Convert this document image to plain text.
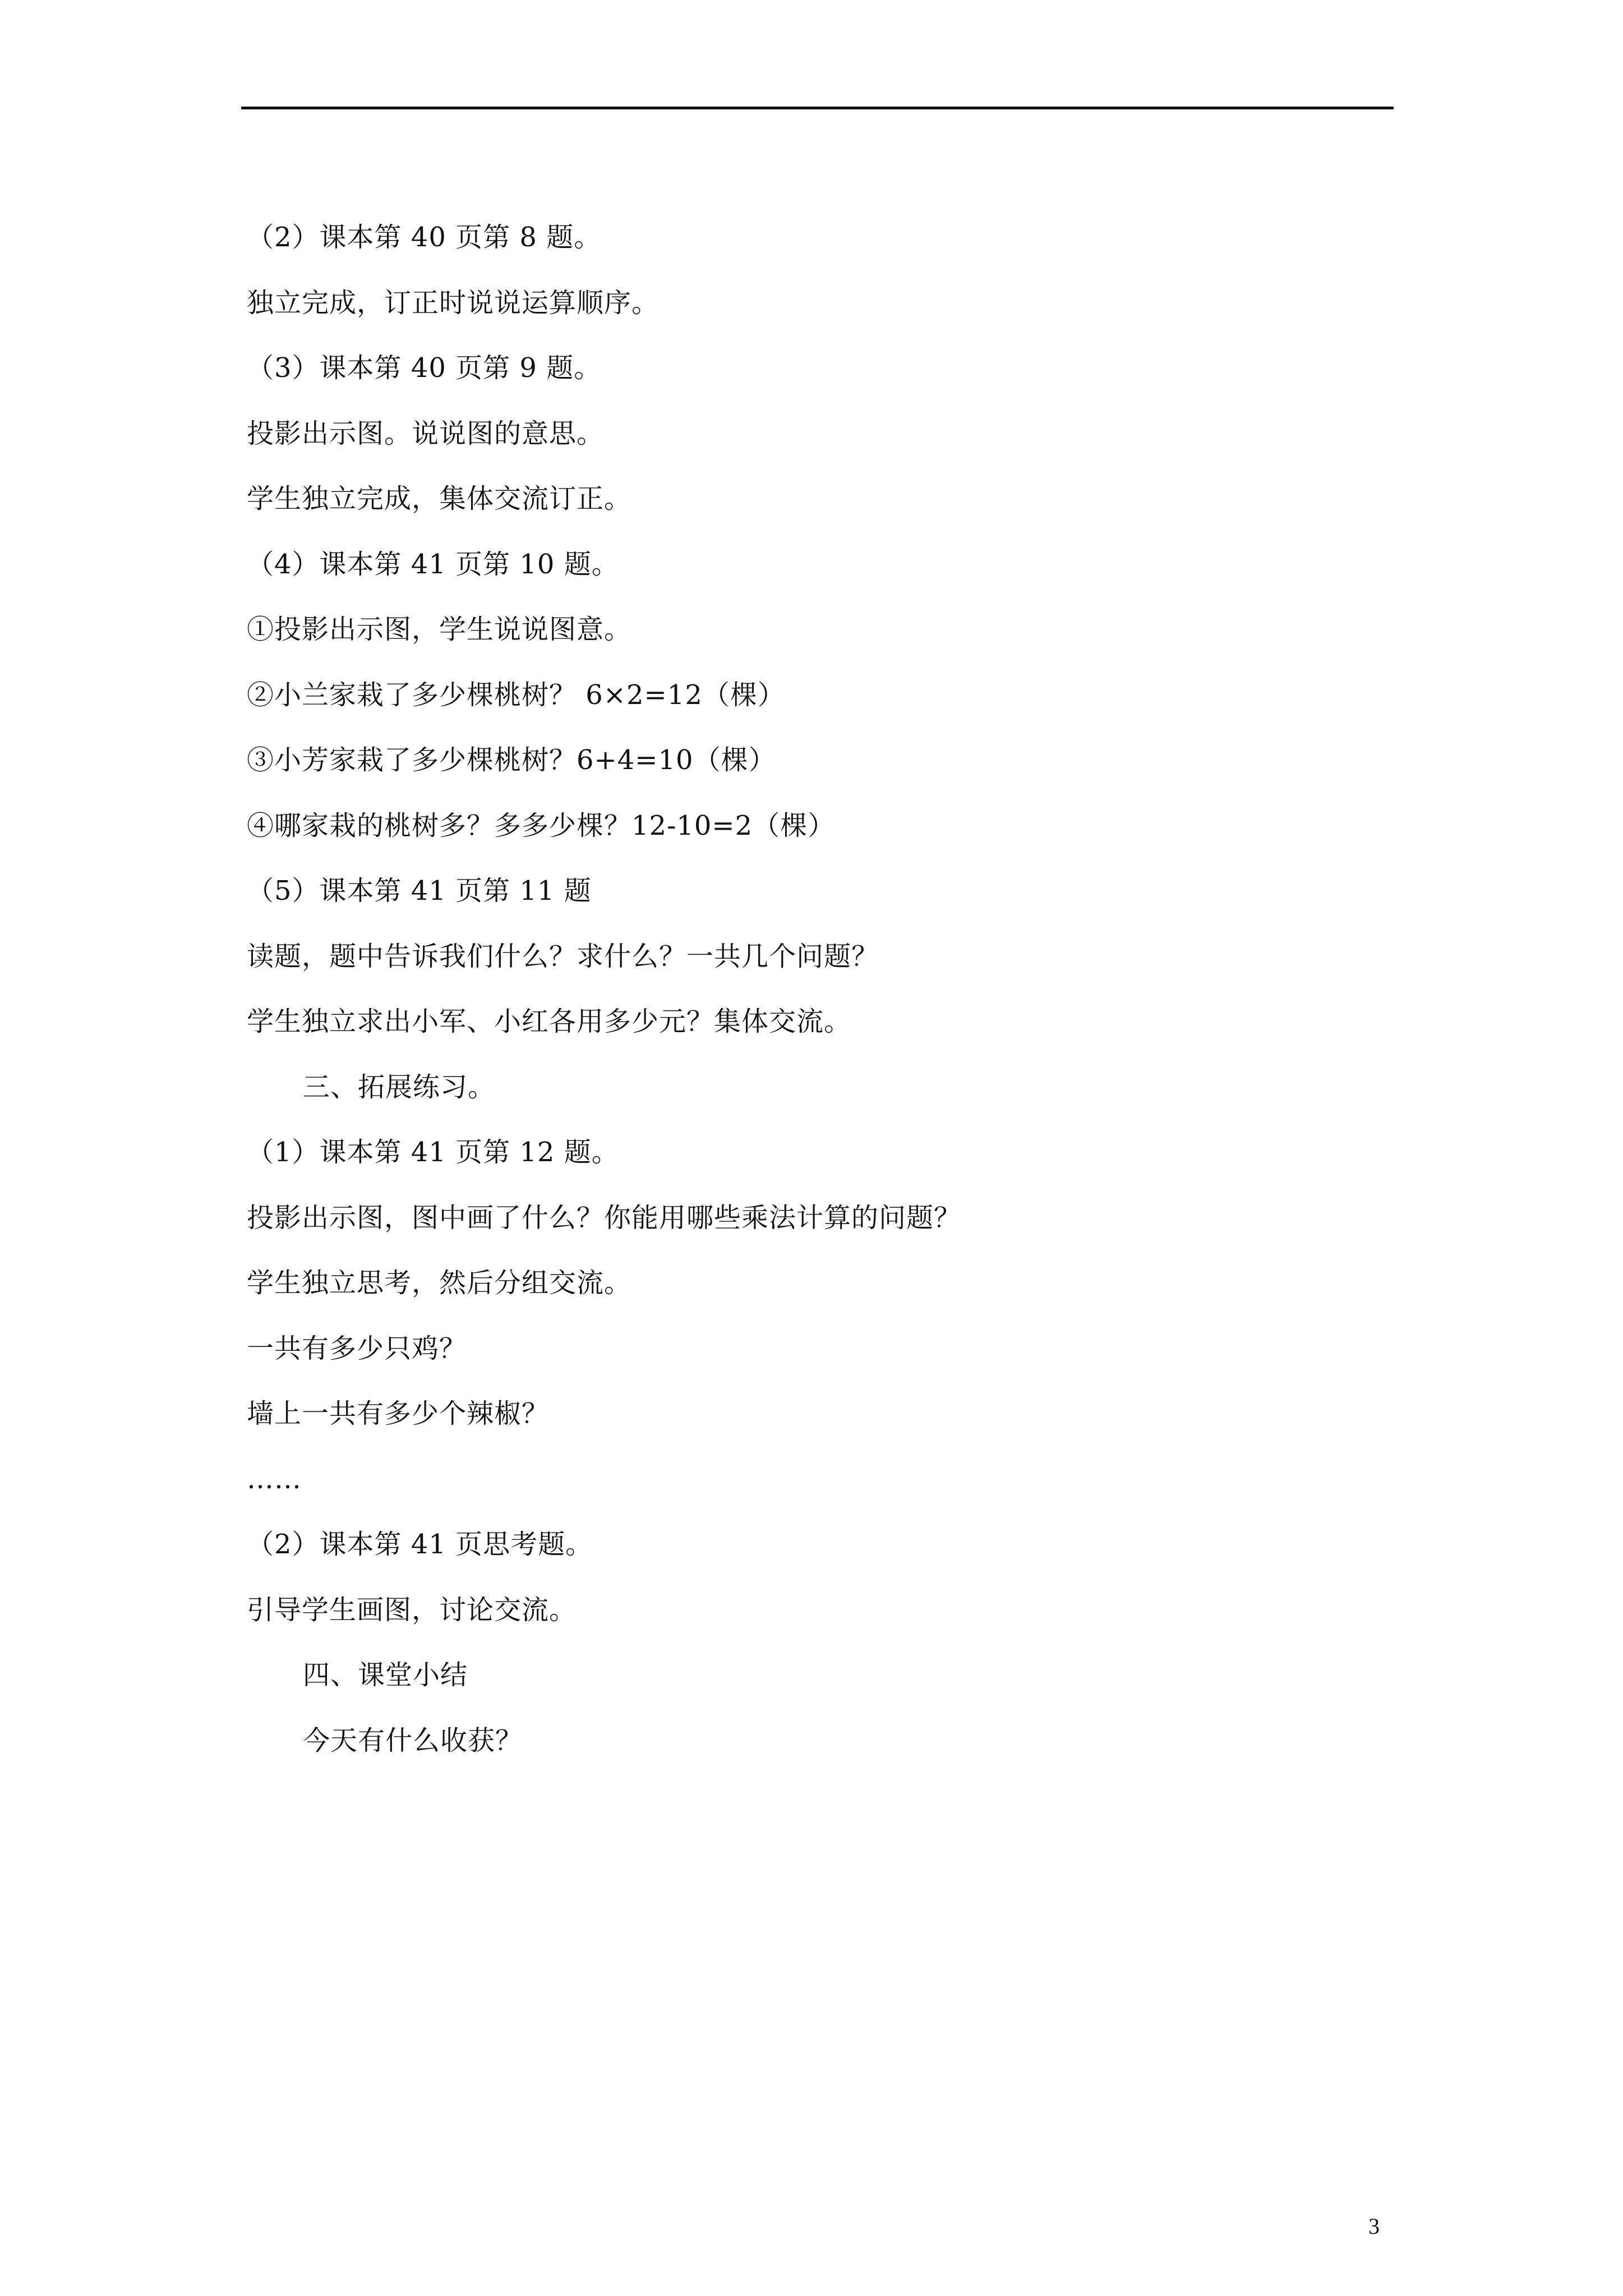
（2）课本第 40 页第 8 题。
独立完成，订正时说说运算顺序。
（3）课本第 40 页第 9 题。
投影出示图。说说图的意思。
学生独立完成，集体交流订正。
（4）课本第 41 页第 10 题。
①投影出示图，学生说说图意。
②小兰家栽了多少棵桃树？ 6×2=12（棵）
③小芳家栽了多少棵桃树？6+4=10（棵）
④哪家栽的桃树多？多多少棵？12-10=2（棵）
（5）课本第 41 页第 11 题
读题，题中告诉我们什么？求什么？一共几个问题？
学生独立求出小军、小红各用多少元？集体交流。
三、拓展练习。
（1）课本第 41 页第 12 题。
投影出示图，图中画了什么？你能用哪些乘法计算的问题？
学生独立思考，然后分组交流。
一共有多少只鸡？
墙上一共有多少个辣椒？
……
（2）课本第 41 页思考题。
引导学生画图，讨论交流。
四、课堂小结
今天有什么收获？
3
